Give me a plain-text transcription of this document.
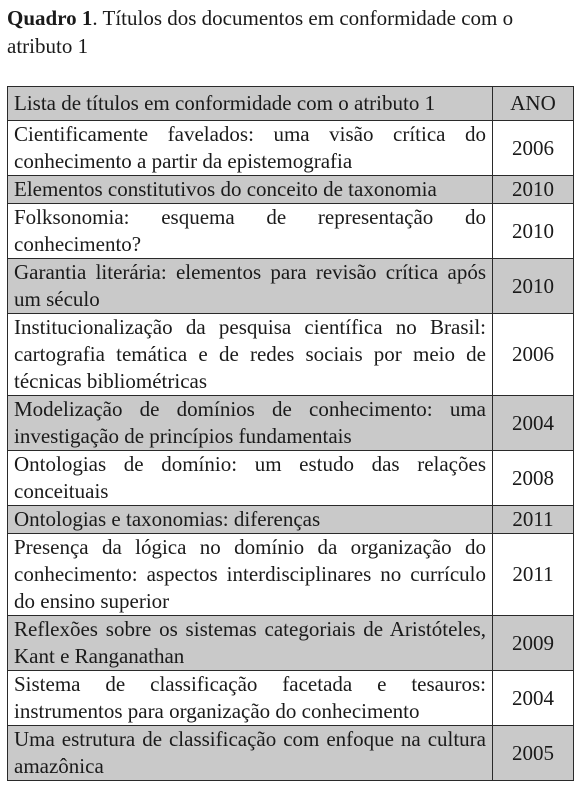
Quadro 1. Títulos dos documentos em conformidade com o atributo 1

Lista de títulos em conformidade com o atributo 1	ANO
Cientificamente favelados: uma visão crítica do conhecimento a partir da epistemografia	2006
Elementos constitutivos do conceito de taxonomia	2010
Folksonomia: esquema de representação do conhecimento?	2010
Garantia literária: elementos para revisão crítica após um século	2010
Institucionalização da pesquisa científica no Brasil: cartografia temática e de redes sociais por meio de técnicas bibliométricas	2006
Modelização de domínios de conhecimento: uma investigação de princípios fundamentais	2004
Ontologias de domínio: um estudo das relações conceituais	2008
Ontologias e taxonomias: diferenças	2011
Presença da lógica no domínio da organização do conhecimento: aspectos interdisciplinares no currículo do ensino superior	2011
Reflexões sobre os sistemas categoriais de Aristóteles, Kant e Ranganathan	2009
Sistema de classificação facetada e tesauros: instrumentos para organização do conhecimento	2004
Uma estrutura de classificação com enfoque na cultura amazônica	2005
